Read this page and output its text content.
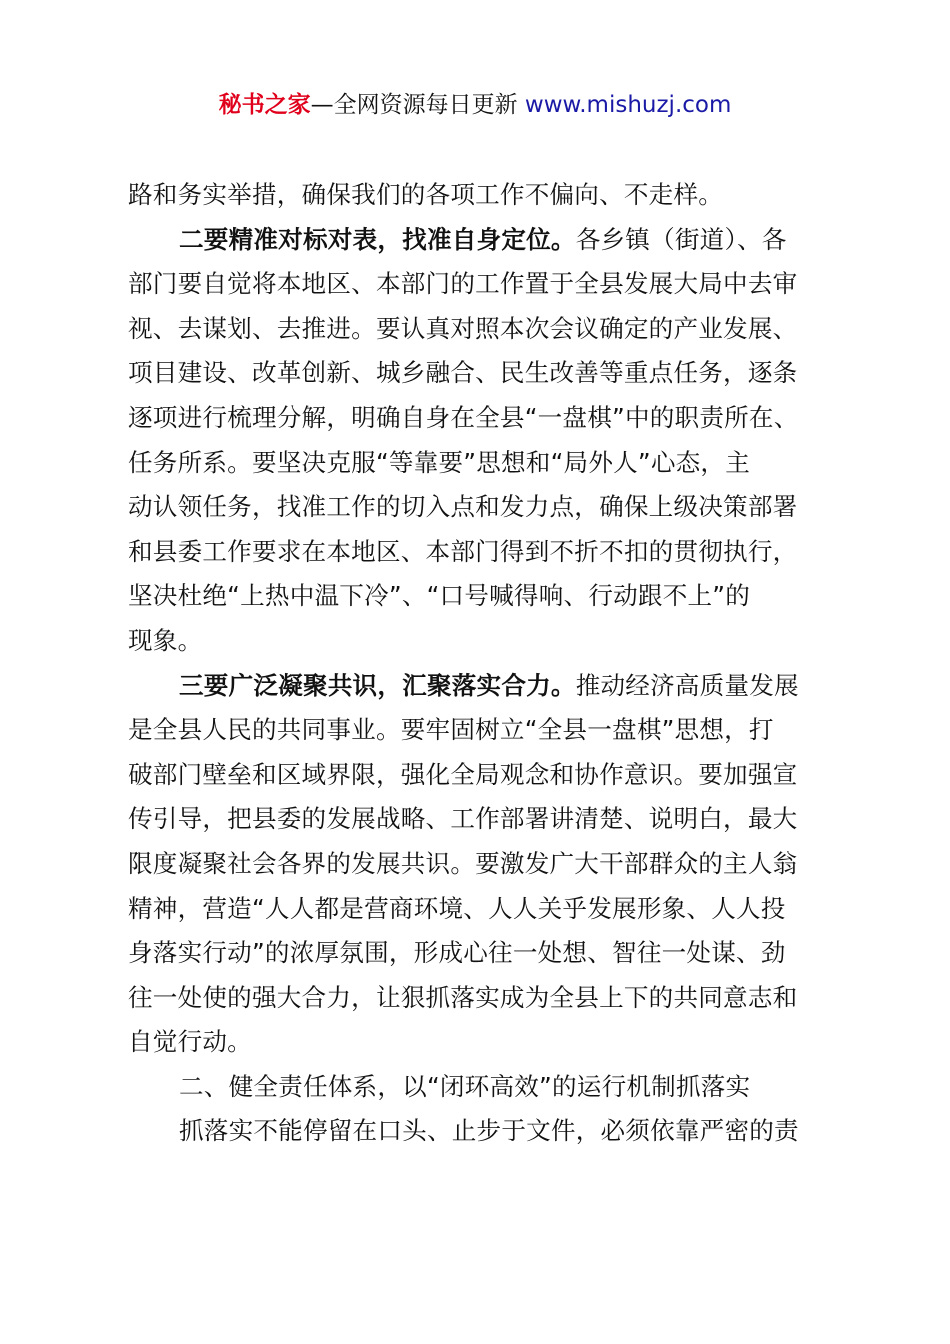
秘书之家—全网资源每日更新 www.mishuzj.com

路和务实举措，确保我们的各项工作不偏向、不走样。

二要精准对标对表，找准自身定位。各乡镇（街道）、各
部门要自觉将本地区、本部门的工作置于全县发展大局中去审
视、去谋划、去推进。要认真对照本次会议确定的产业发展、
项目建设、改革创新、城乡融合、民生改善等重点任务，逐条
逐项进行梳理分解，明确自身在全县“一盘棋”中的职责所在、
任务所系。要坚决克服“等靠要”思想和“局外人”心态，主
动认领任务，找准工作的切入点和发力点，确保上级决策部署
和县委工作要求在本地区、本部门得到不折不扣的贯彻执行，
坚决杜绝“上热中温下冷”、“口号喊得响、行动跟不上”的
现象。

三要广泛凝聚共识，汇聚落实合力。推动经济高质量发展
是全县人民的共同事业。要牢固树立“全县一盘棋”思想，打
破部门壁垒和区域界限，强化全局观念和协作意识。要加强宣
传引导，把县委的发展战略、工作部署讲清楚、说明白，最大
限度凝聚社会各界的发展共识。要激发广大干部群众的主人翁
精神，营造“人人都是营商环境、人人关乎发展形象、人人投
身落实行动”的浓厚氛围，形成心往一处想、智往一处谋、劲
往一处使的强大合力，让狠抓落实成为全县上下的共同意志和
自觉行动。

二、健全责任体系，以“闭环高效”的运行机制抓落实

抓落实不能停留在口头、止步于文件，必须依靠严密的责
